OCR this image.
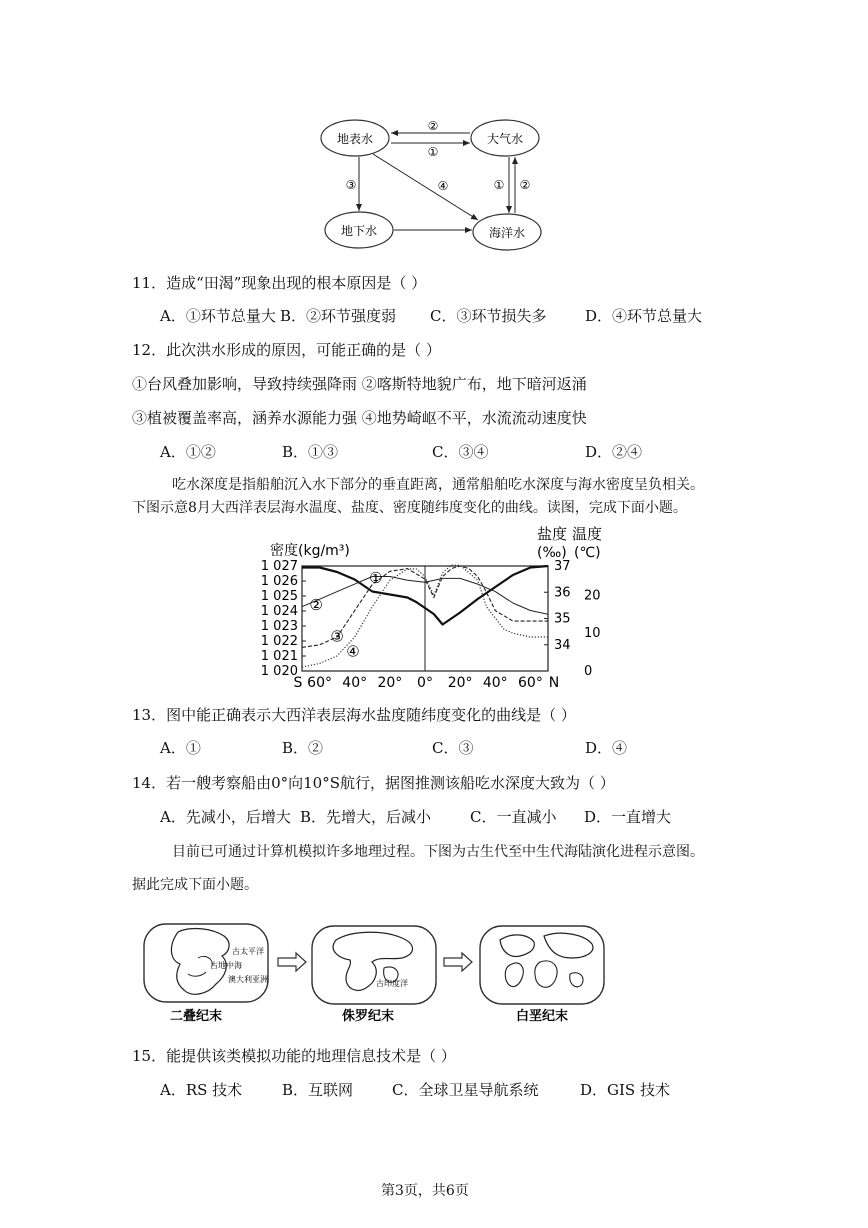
地表水	大气水
地下水	海洋水
②
①
③	④	① ②
11．造成“田渴”现象出现的根本原因是（ ）
A．①环节总量大 B．②环节强度弱 C．③环节损失多	D．④环节总量大
12．此次洪水形成的原因，可能正确的是（ ）
①台风叠加影响，导致持续强降雨 ②喀斯特地貌广布，地下暗河返涌
③植被覆盖率高，涵养水源能力强 ④地势崎岖不平，水流流动速度快
A．①②	B．①③	C．③④	D．②④
吃水深度是指船舶沉入水下部分的垂直距离，通常船舶吃水深度与海水密度呈负相关。
下图示意8月大西洋表层海水温度、盐度、密度随纬度变化的曲线。读图，完成下面小题。
密度(kg/m³)
盐度 温度
(‰) (℃)
1 027
1 026
1 025
1 024
1 023
1 022
1 021
1 020
37
36
35
34
20
10
0
S 60° 40° 20° 0° 20° 40° 60° N
①
②
③
④
13．图中能正确表示大西洋表层海水盐度随纬度变化的曲线是（ ）
A．①	B．②	C．③	D．④
14．若一艘考察船由0°向10°S航行，据图推测该船吃水深度大致为（ ）
A．先减小，后增大 B．先增大，后减小	C．一直减小 D．一直增大
目前已可通过计算机模拟许多地理过程。下图为古生代至中生代海陆演化进程示意图。
据此完成下面小题。
古太平洋
古地中海
澳大利亚洲	古印度洋
二叠纪末	侏罗纪末	白垩纪末
15．能提供该类模拟功能的地理信息技术是（ ）
A．RS 技术	B．互联网	C．全球卫星导航系统	D．GIS 技术
第3页，共6页
